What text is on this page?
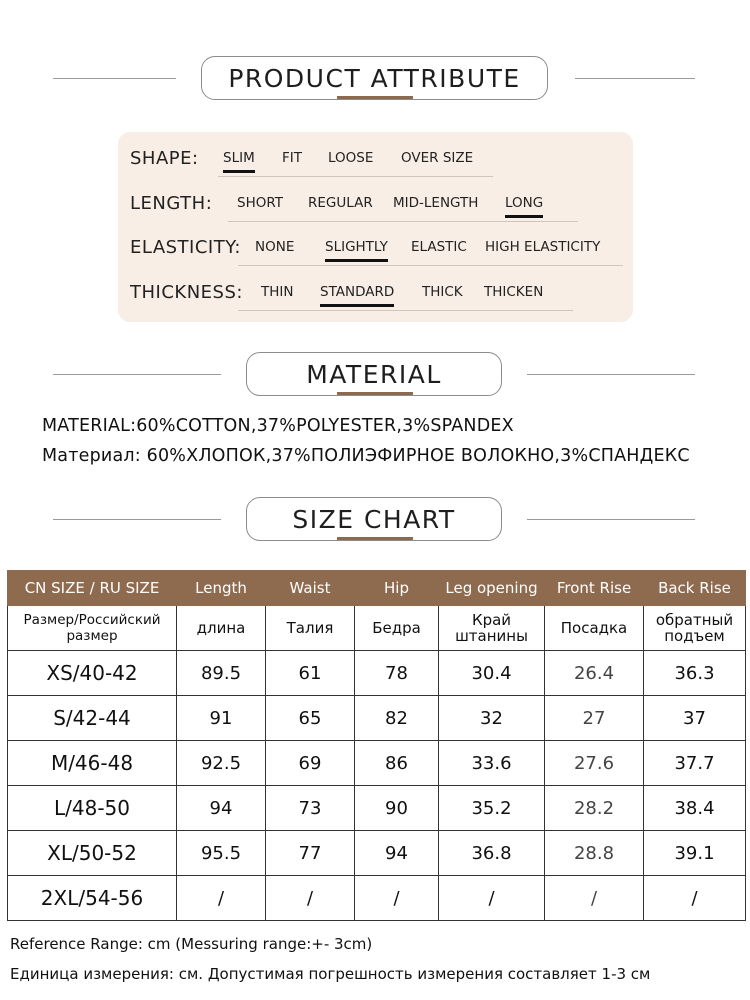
PRODUCT ATTRIBUTE
SHAPE: SLIM FIT LOOSE OVER SIZE
LENGTH: SHORT REGULAR MID-LENGTH LONG
ELASTICITY: NONE SLIGHTLY ELASTIC HIGH ELASTICITY
THICKNESS: THIN STANDARD THICK THICKEN
MATERIAL
MATERIAL:60%COTTON,37%POLYESTER,3%SPANDEX
Материал: 60%ХЛОПОК,37%ПОЛИЭФИРНОЕ ВОЛОКНО,3%СПАНДЕКС
SIZE CHART
CN SIZE / RU SIZE	Length	Waist	Hip	Leg opening	Front Rise	Back Rise
Размер/Российский размер	длина	Талия	Бедра	Край штанины	Посадка	обратный подъем
XS/40-42	89.5	61	78	30.4	26.4	36.3
S/42-44	91	65	82	32	27	37
M/46-48	92.5	69	86	33.6	27.6	37.7
L/48-50	94	73	90	35.2	28.2	38.4
XL/50-52	95.5	77	94	36.8	28.8	39.1
2XL/54-56	/	/	/	/	/	/
Reference Range: cm (Messuring range:+- 3cm)
Единица измерения: см. Допустимая погрешность измерения составляет 1-3 см
